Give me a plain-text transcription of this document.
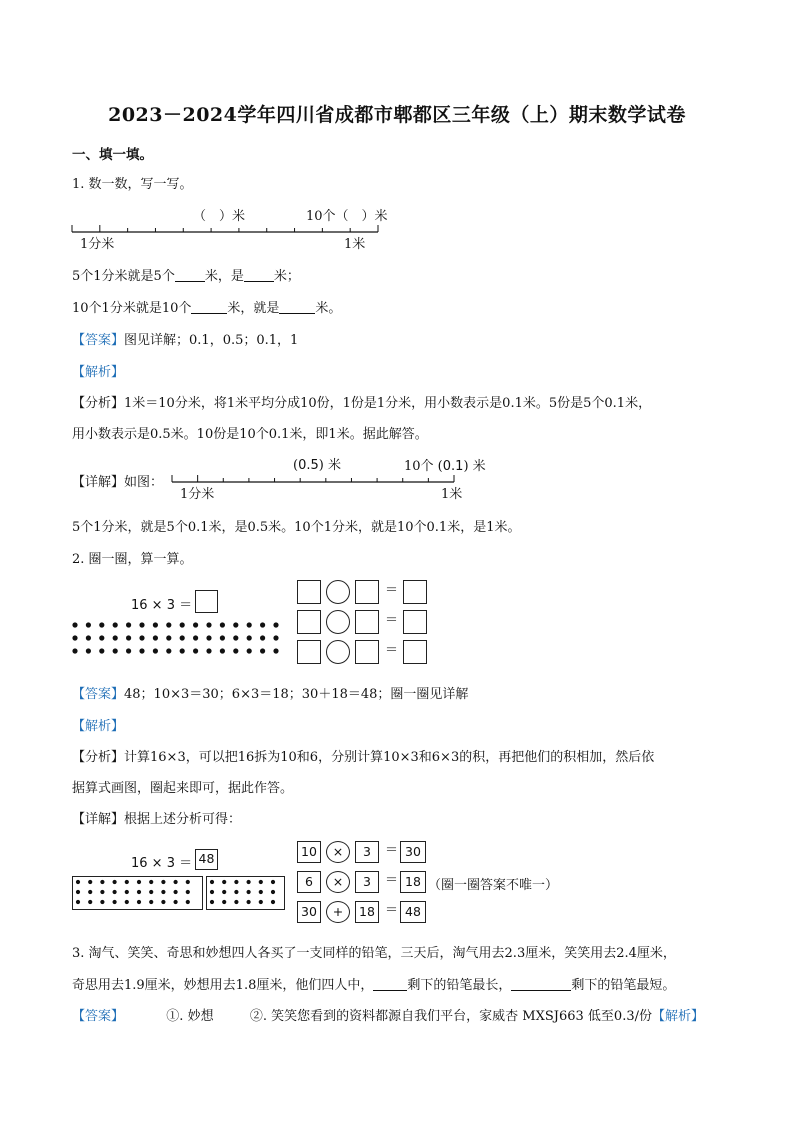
2023－2024学年四川省成都市郫都区三年级（上）期末数学试卷
一、填一填。
1. 数一数，写一写。
（　）米	10个（　）米
1分米	1米
5个1分米就是5个 米，是 米；
10个1分米就是10个	米，就是	米。
【答案】图见详解；0.1，0.5；0.1，1
【解析】
【分析】1米＝10分米，将1米平均分成10份，1份是1分米，用小数表示是0.1米。5份是5个0.1米，
用小数表示是0.5米。10份是10个0.1米，即1米。据此解答。
【详解】如图：
(0.5) 米	10个 (0.1) 米
1分米	1米
5个1分米，就是5个0.1米，是0.5米。10个1分米，就是10个0.1米，是1米。
2. 圈一圈，算一算。
16 × 3 ＝
＝
＝
＝
【答案】48；10×3＝30；6×3＝18；30＋18＝48；圈一圈见详解
【解析】
【分析】计算16×3，可以把16拆为10和6，分别计算10×3和6×3的积，再把他们的积相加，然后依
据算式画图，圈起来即可，据此作答。
【详解】根据上述分析可得：
16 × 3 ＝ 48	10	×	3	＝ 30
6	×	3	＝ 18
30	+	18 ＝ 48
（圈一圈答案不唯一）
3. 淘气、笑笑、奇思和妙想四人各买了一支同样的铅笔，三天后，淘气用去2.3厘米，笑笑用去2.4厘米，
奇思用去1.9厘米，妙想用去1.8厘米，他们四人中，	剩下的铅笔最长，	剩下的铅笔最短。
【答案】	①. 妙想	②. 笑笑您看到的资料都源自我们平台，家威杏 MXSJ663 低至0.3/份【解析】
